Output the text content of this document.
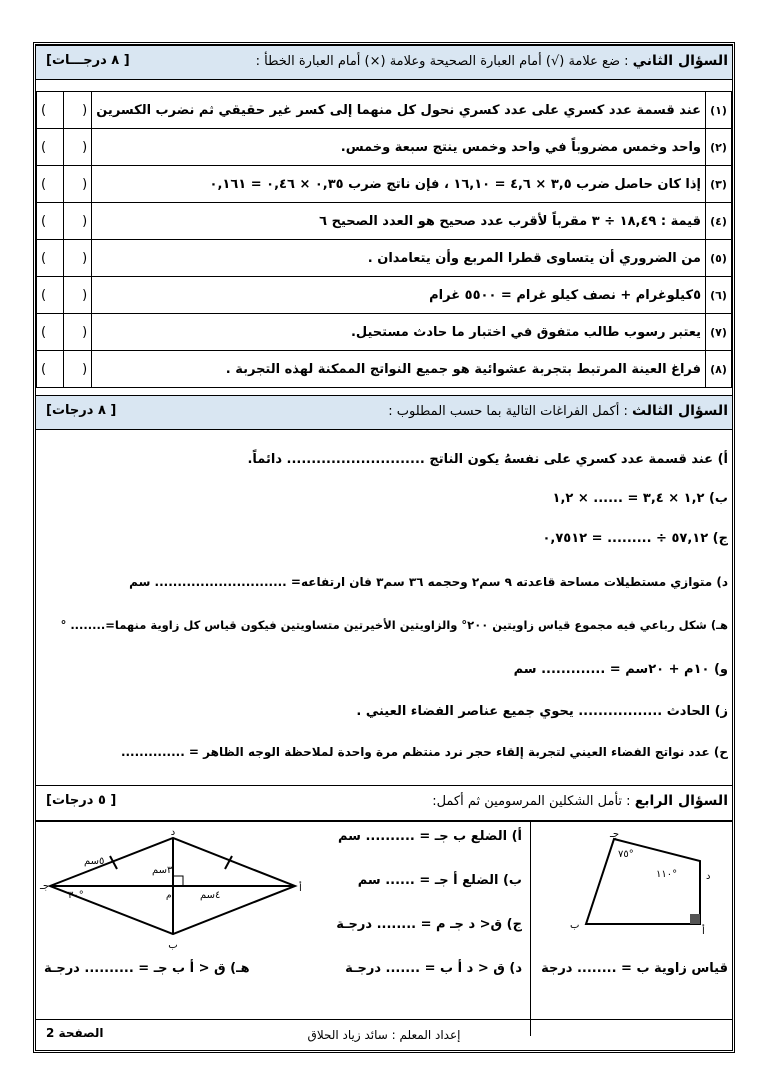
السؤال الثاني : ضع علامة (√) أمام العبارة الصحيحة وعلامة (×) أمام العبارة الخطأ :
[ ٨ درجـــات]
(١)	عند قسمة عدد كسري على عدد كسري نحول كل منهما إلى كسر غير حقيقي ثم نضرب الكسرين	(	)
(٢)	واحد وخمس مضروباً في واحد وخمس ينتج سبعة وخمس.	(	)
(٣)	إذا كان حاصل ضرب ٣,٥ × ٤,٦ = ١٦,١٠ ، فإن ناتج ضرب ٠,٣٥ × ٠,٤٦ = ٠,١٦١	(	)
(٤)	قيمة : ١٨,٤٩ ÷ ٣ مقرباً لأقرب عدد صحيح هو العدد الصحيح ٦	(	)
(٥)	من الضروري أن يتساوى قطرا المربع وأن يتعامدان .	(	)
(٦)	٥كيلوغرام + نصف كيلو غرام = ٥٥٠٠ غرام	(	)
(٧)	يعتبر رسوب طالب متفوق في اختبار ما حادث مستحيل.	(	)
(٨)	فراغ العينة المرتبط بتجربة عشوائية هو جميع النواتج الممكنة لهذه التجربة .	(	)
السؤال الثالث : أكمل الفراغات التالية بما حسب المطلوب :
[ ٨ درجات]
أ) عند قسمة عدد كسري على نفسهُ يكون الناتج ............................ دائماً.
ب) ١,٢ × ٣,٤ = ...... × ١,٢
ج) ٥٧,١٢ ÷ ......... = ٠,٧٥١٢
د) متوازي مستطيلات مساحة قاعدته ٩ سم٢ وحجمه ٣٦ سم٣ فان ارتفاعه= ............................. سم
هـ) شكل رباعي فيه مجموع قياس زاويتين ٢٠٠° والزاويتين الأخيرتين متساويتين فيكون قياس كل زاوية منهما=........ °
و) ١٠م + ٢٠سم = ............. سم
ز) الحادث ................. يحوي جميع عناصر الفضاء العيني .
ح) عدد نواتج الفضاء العيني لتجربة إلقاء حجر نرد منتظم مرة واحدة لملاحظة الوجه الظاهر = ..............
السؤال الرابع : تأمل الشكلين المرسومين ثم أكمل:
[ ٥ درجات]
د
جـ	أ
ب
م
٥سم
٣سم
٤سم
٣٠°
أ) الضلع ب جـ = .......... سم
ب) الضلع أ جـ = ...... سم
ج) ق< د جـ م = ........ درجـة
د) ق < د أ ب = ....... درجـة
هـ) ق < أ ب جـ = .......... درجـة
جـ
د
أ
ب
٧٥°
١١٠°
قياس زاوية ب = ........ درجة
إعداد المعلم : سائد زياد الحلاق
الصفحة 2
